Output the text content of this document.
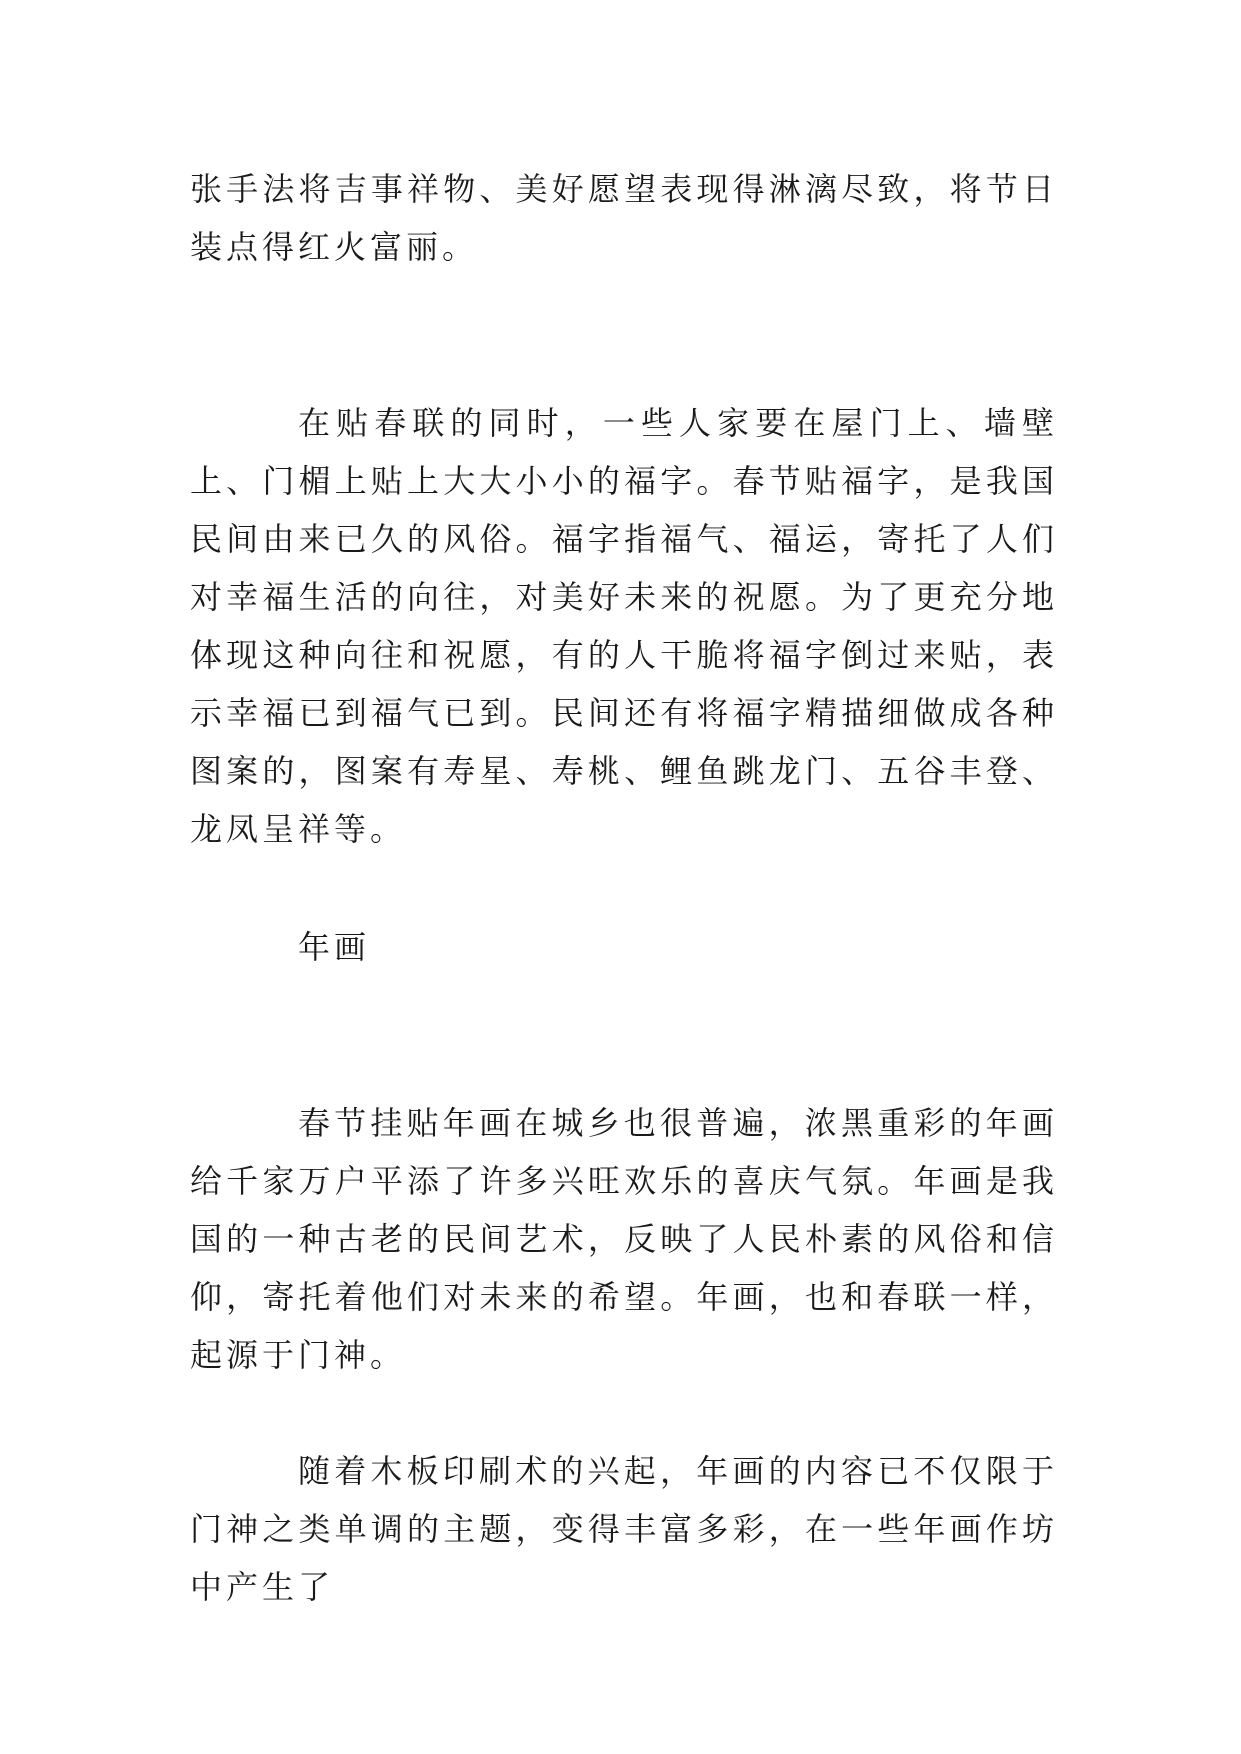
张手法将吉事祥物、美好愿望表现得淋漓尽致，将节日装点得红火富丽。

在贴春联的同时，一些人家要在屋门上、墙壁上、门楣上贴上大大小小的福字。春节贴福字，是我国民间由来已久的风俗。福字指福气、福运，寄托了人们对幸福生活的向往，对美好未来的祝愿。为了更充分地体现这种向往和祝愿，有的人干脆将福字倒过来贴，表示幸福已到福气已到。民间还有将福字精描细做成各种图案的，图案有寿星、寿桃、鲤鱼跳龙门、五谷丰登、龙凤呈祥等。

年画

春节挂贴年画在城乡也很普遍，浓黑重彩的年画给千家万户平添了许多兴旺欢乐的喜庆气氛。年画是我国的一种古老的民间艺术，反映了人民朴素的风俗和信仰，寄托着他们对未来的希望。年画，也和春联一样，起源于门神。

随着木板印刷术的兴起，年画的内容已不仅限于门神之类单调的主题，变得丰富多彩，在一些年画作坊中产生了
